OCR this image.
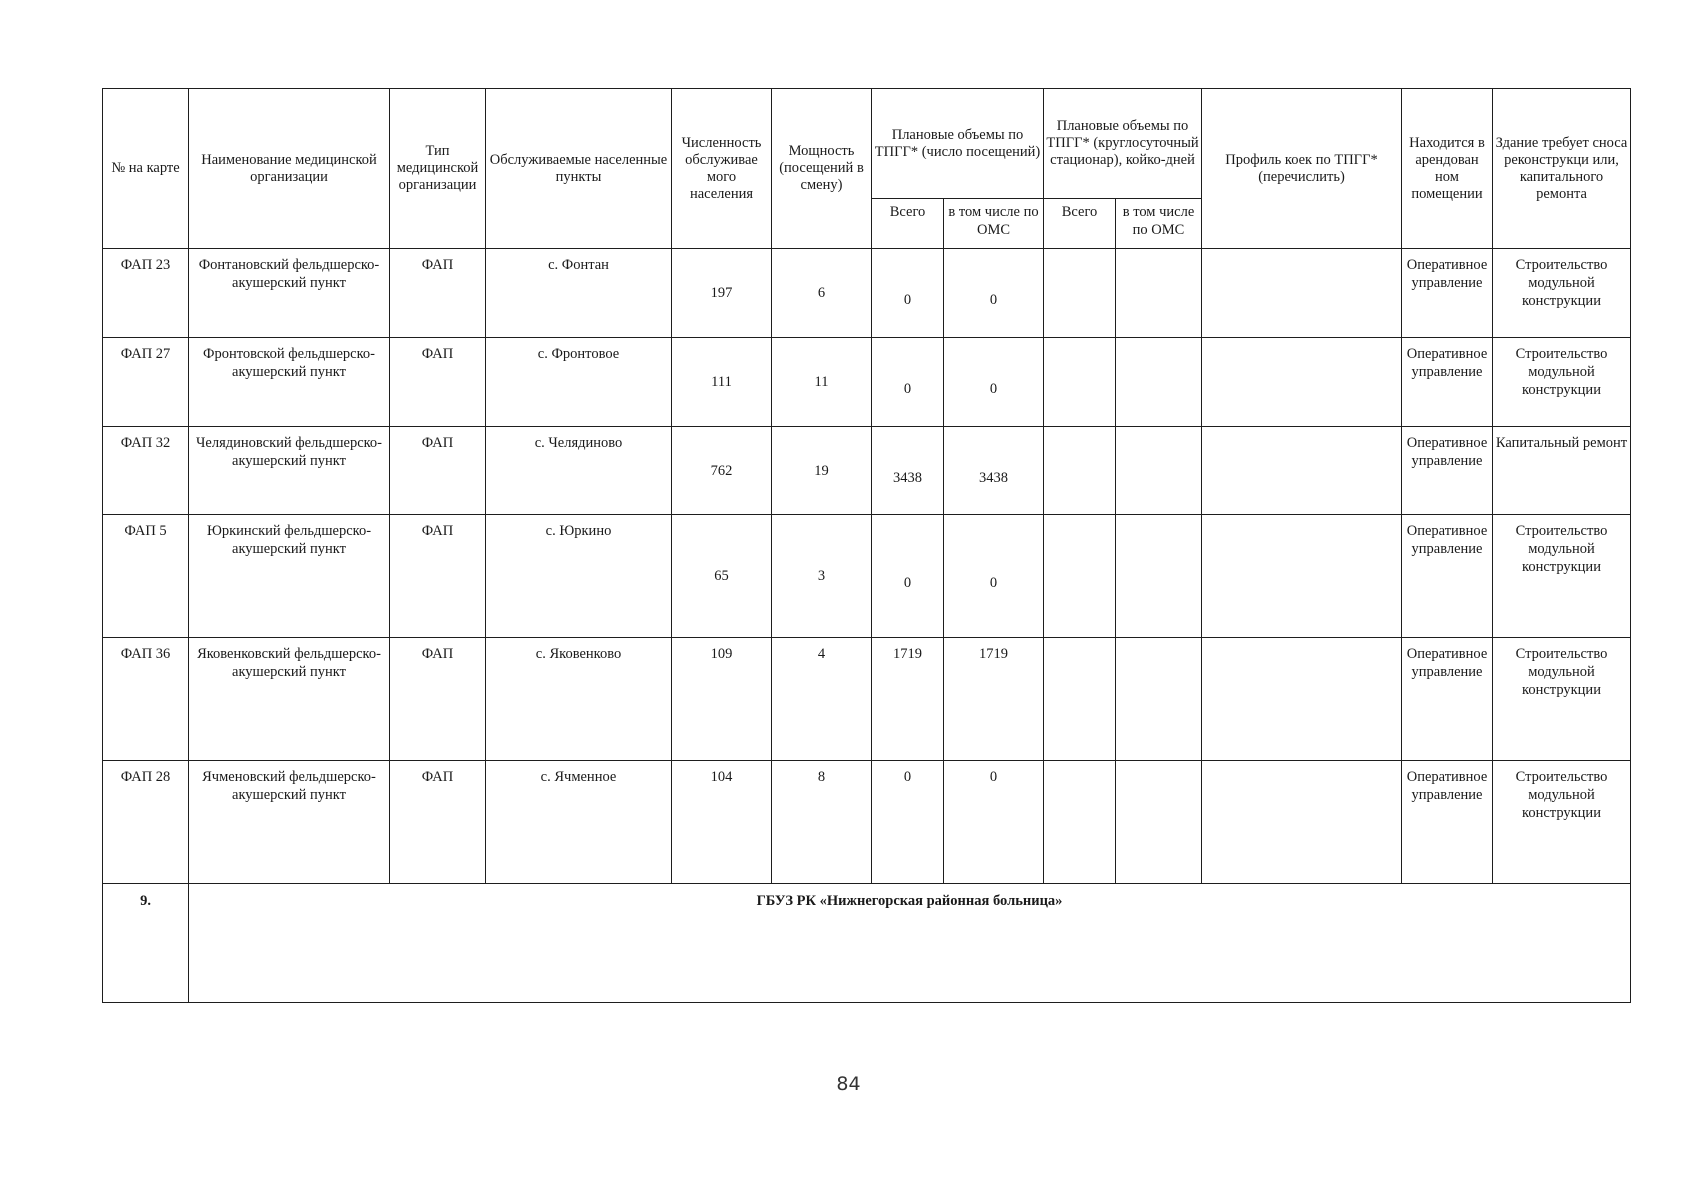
№ на карте	Наименование медицинской организации	Тип медицинской организации	Обслуживаемые населенные пункты	Численность обслуживае мого населения	Мощность (посещений в смену)	Плановые объемы по ТПГГ* (число посещений)		Плановые объемы по ТПГГ* (круглосуточный стационар), койко-дней		Профиль коек по ТПГГ* (перечислить)	Находится в арендован ном помещении	Здание требует сноса реконструкци или, капитального ремонта
						Всего	в том числе по ОМС	Всего	в том числе по ОМС			
ФАП 23	Фонтановский фельдшерско-акушерский пункт	ФАП	с. Фонтан	197	6	0	0				Оперативное управление	Строительство модульной конструкции
ФАП 27	Фронтовской фельдшерско-акушерский пункт	ФАП	с. Фронтовое	111	11	0	0				Оперативное управление	Строительство модульной конструкции
ФАП 32	Челядиновский фельдшерско-акушерский пункт	ФАП	с. Челядиново	762	19	3438	3438				Оперативное управление	Капитальный ремонт
ФАП 5	Юркинский фельдшерско-акушерский пункт	ФАП	с. Юркино	65	3	0	0				Оперативное управление	Строительство модульной конструкции
ФАП 36	Яковенковский фельдшерско-акушерский пункт	ФАП	с. Яковенково	109	4	1719	1719				Оперативное управление	Строительство модульной конструкции
ФАП 28	Ячменовский фельдшерско-акушерский пункт	ФАП	с. Ячменное	104	8	0	0				Оперативное управление	Строительство модульной конструкции
9.	ГБУЗ РК «Нижнегорская районная больница»											
84
